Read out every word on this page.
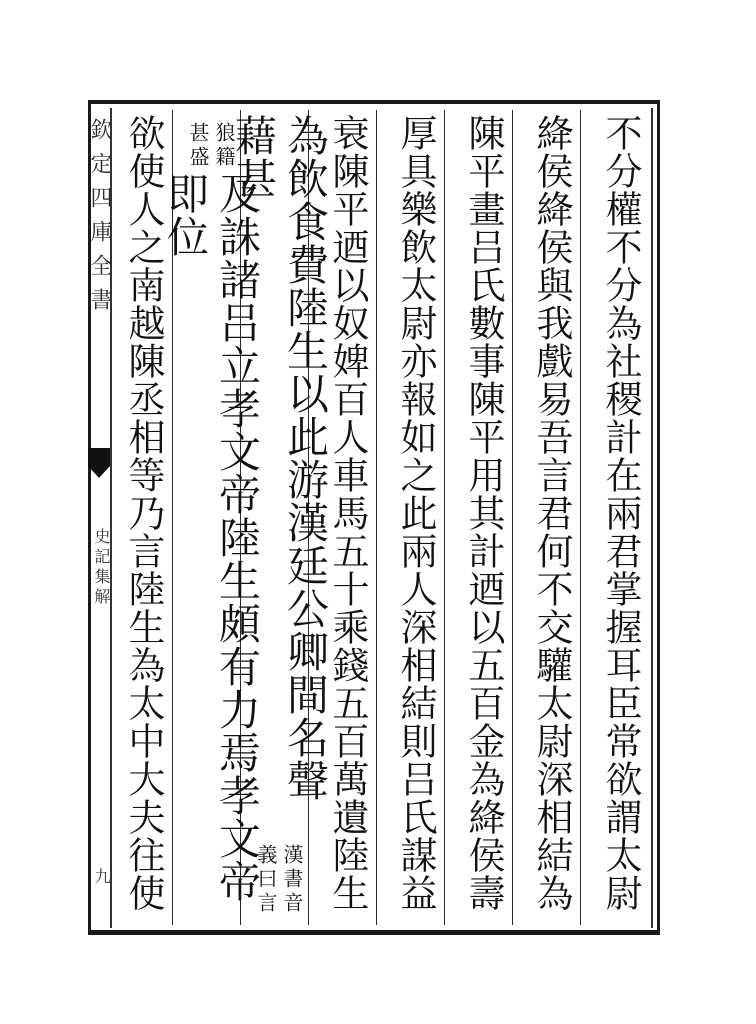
欽定四庫全書
史記集解
九	不分權不分為社稷計在兩君掌握耳臣常欲謂太尉
絳侯絳侯與我戲易吾言君何不交驩太尉深相結為
陳平畫吕氏數事陳平用其計迺以五百金為絳侯壽
厚具樂飲太尉亦報如之此兩人深相結則吕氏謀益
衰陳平迺以奴婢百人車馬五十乘錢五百萬遺陸生
為飲食費陸生以此游漢廷公卿間名聲藉甚
漢書音
義曰言
狼籍
甚盛
及誅諸吕立孝文帝陸生頗有力焉孝文帝即位
欲使人之南越陳丞相等乃言陸生為太中大夫往使
